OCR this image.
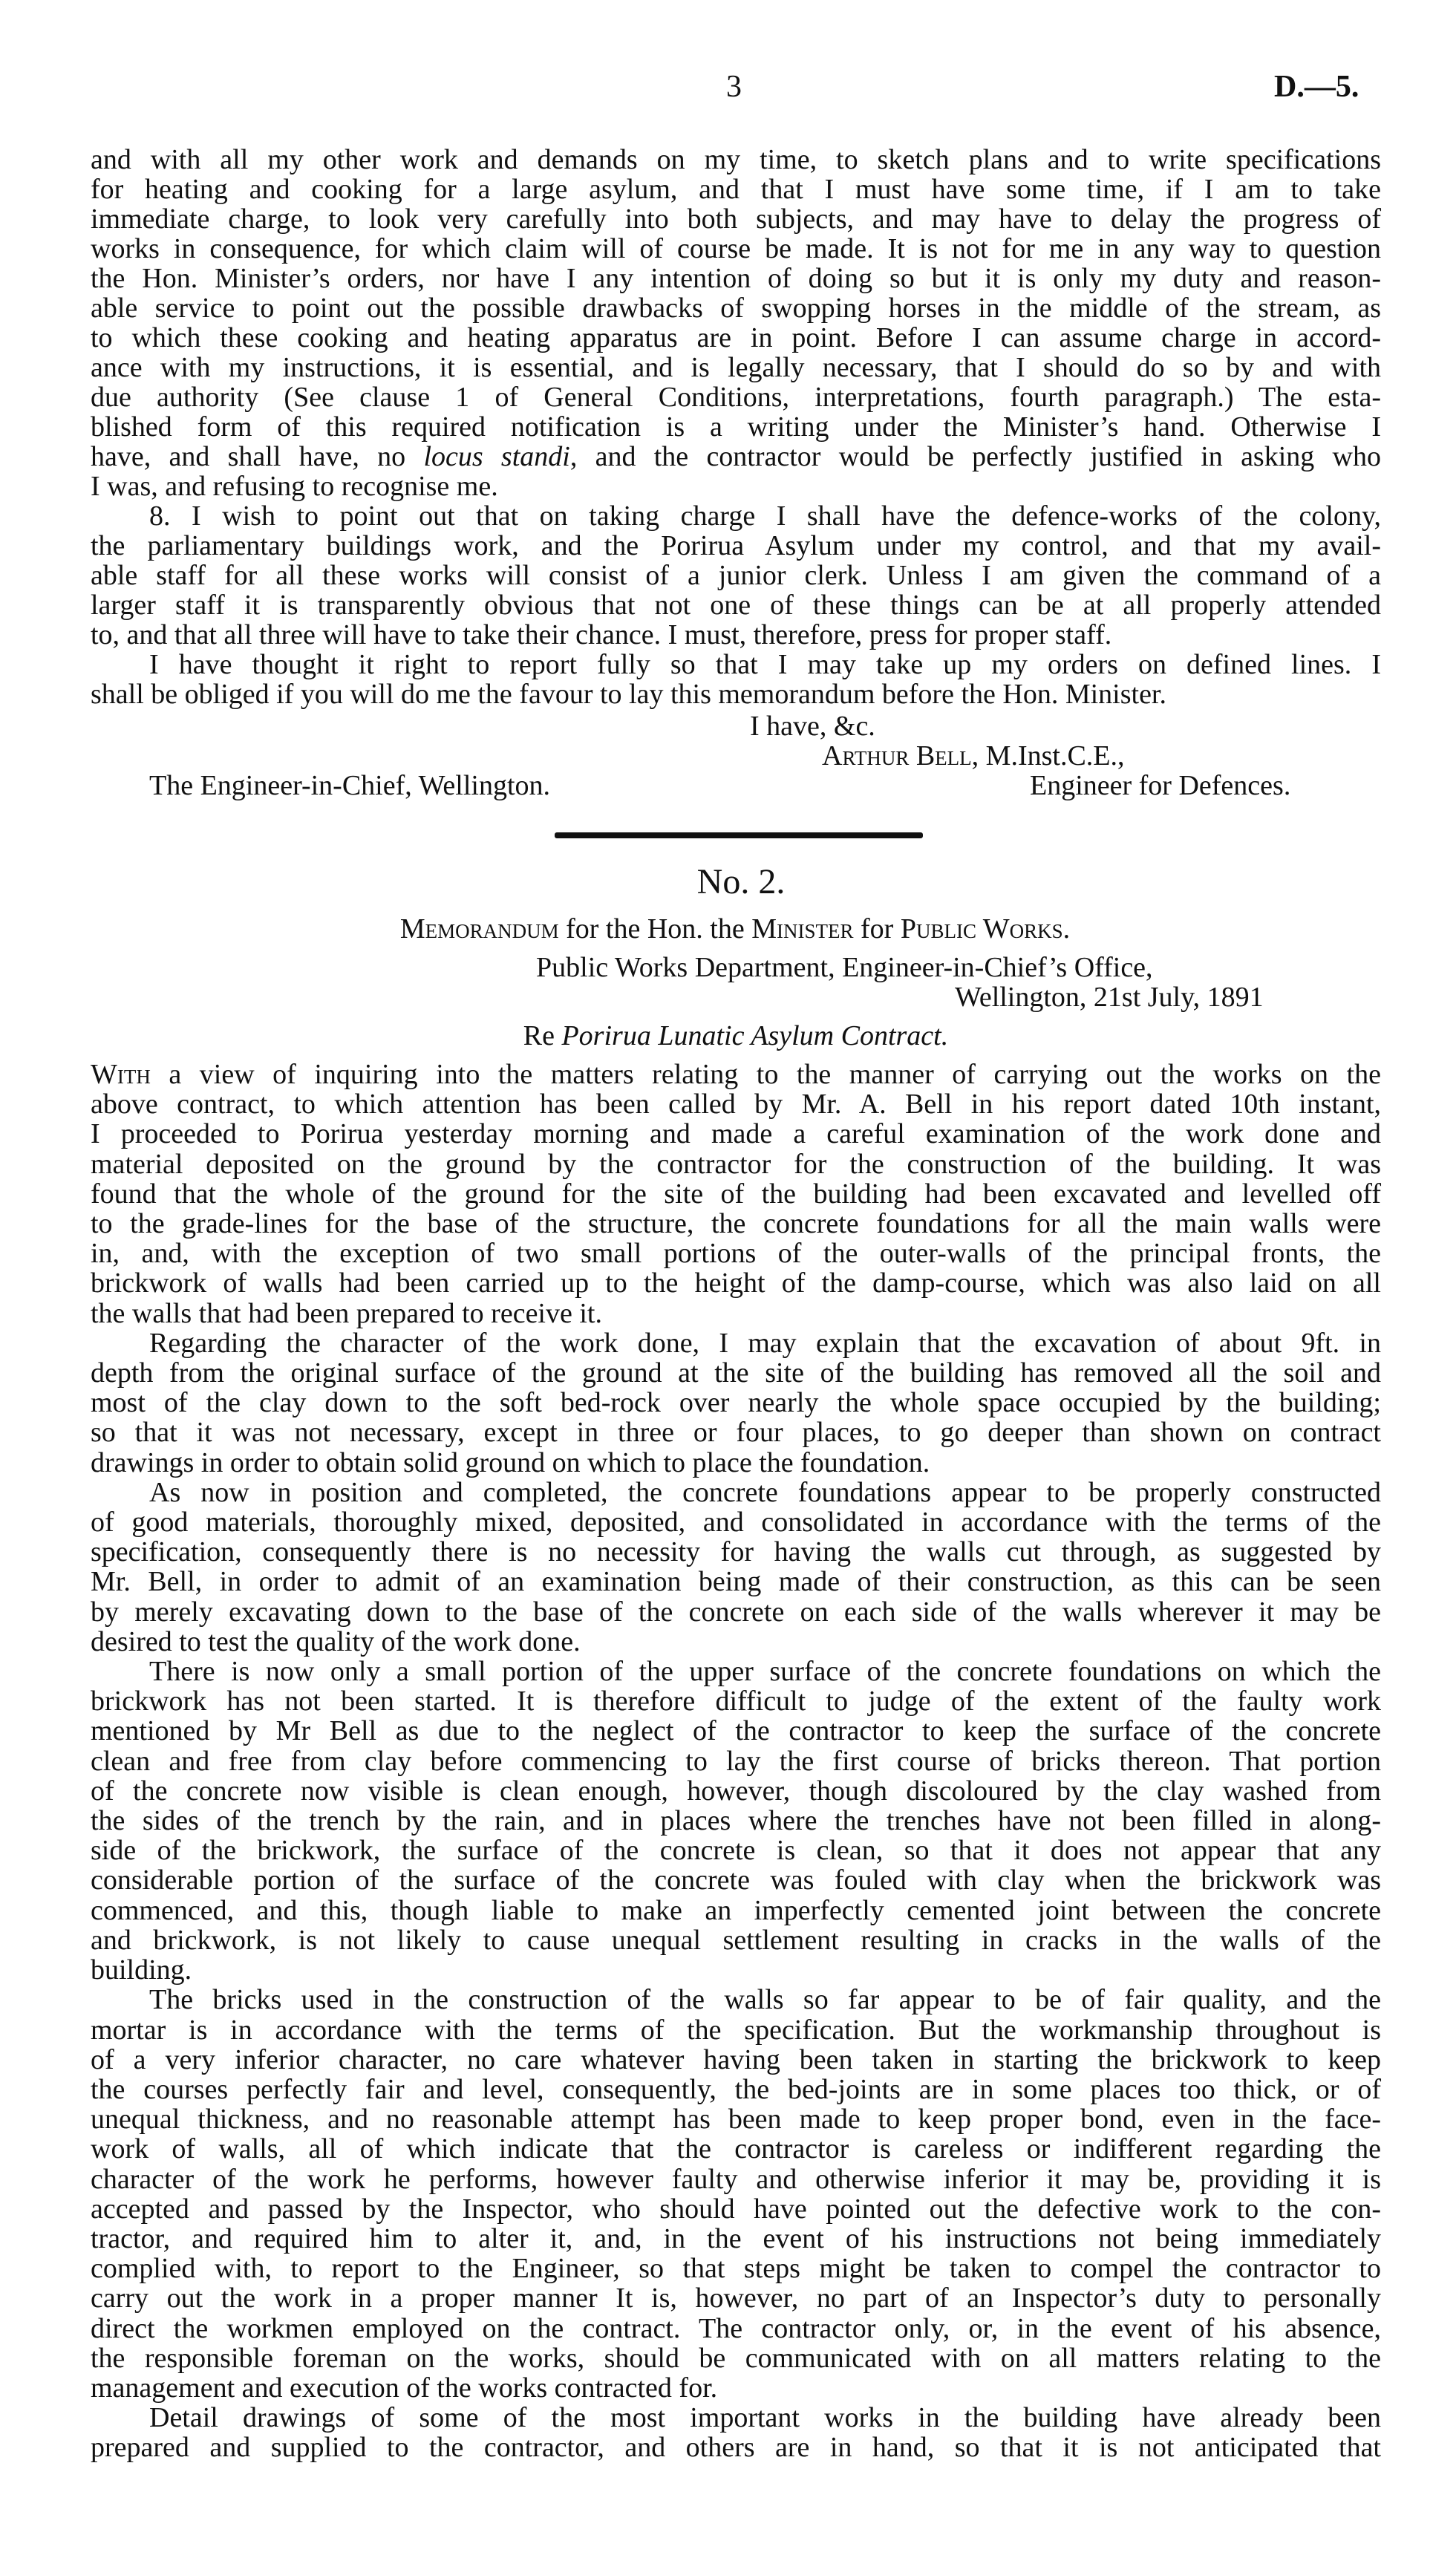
3	D.—5.
and with all my other work and demands on my time, to sketch plans and to write specifications
for heating and cooking for a large asylum, and that I must have some time, if I am to take
immediate charge, to look very carefully into both subjects, and may have to delay the progress of
works in consequence, for which claim will of course be made. It is not for me in any way to question
the Hon. Minister’s orders, nor have I any intention of doing so but it is only my duty and reason-
able service to point out the possible drawbacks of swopping horses in the middle of the stream, as
to which these cooking and heating apparatus are in point. Before I can assume charge in accord-
ance with my instructions, it is essential, and is legally necessary, that I should do so by and with
due authority (See clause 1 of General Conditions, interpretations, fourth paragraph.) The esta-
blished form of this required notification is a writing under the Minister’s hand. Otherwise I
have, and shall have, no locus standi, and the contractor would be perfectly justified in asking who
I was, and refusing to recognise me.
8. I wish to point out that on taking charge I shall have the defence-works of the colony,
the parliamentary buildings work, and the Porirua Asylum under my control, and that my avail-
able staff for all these works will consist of a junior clerk. Unless I am given the command of a
larger staff it is transparently obvious that not one of these things can be at all properly attended
to, and that all three will have to take their chance. I must, therefore, press for proper staff.
I have thought it right to report fully so that I may take up my orders on defined lines. I
shall be obliged if you will do me the favour to lay this memorandum before the Hon. Minister.
I have, &c.
Arthur Bell, M.Inst.C.E.,
The Engineer-in-Chief, Wellington.	Engineer for Defences.
No. 2.
Memorandum for the Hon. the Minister for Public Works.
Public Works Department, Engineer-in-Chief’s Office,
Wellington, 21st July, 1891
Re Porirua Lunatic Asylum Contract.
With a view of inquiring into the matters relating to the manner of carrying out the works on the
above contract, to which attention has been called by Mr. A. Bell in his report dated 10th instant,
I proceeded to Porirua yesterday morning and made a careful examination of the work done and
material deposited on the ground by the contractor for the construction of the building. It was
found that the whole of the ground for the site of the building had been excavated and levelled off
to the grade-lines for the base of the structure, the concrete foundations for all the main walls were
in, and, with the exception of two small portions of the outer-walls of the principal fronts, the
brickwork of walls had been carried up to the height of the damp-course, which was also laid on all
the walls that had been prepared to receive it.
Regarding the character of the work done, I may explain that the excavation of about 9ft. in
depth from the original surface of the ground at the site of the building has removed all the soil and
most of the clay down to the soft bed-rock over nearly the whole space occupied by the building;
so that it was not necessary, except in three or four places, to go deeper than shown on contract
drawings in order to obtain solid ground on which to place the foundation.
As now in position and completed, the concrete foundations appear to be properly constructed
of good materials, thoroughly mixed, deposited, and consolidated in accordance with the terms of the
specification, consequently there is no necessity for having the walls cut through, as suggested by
Mr. Bell, in order to admit of an examination being made of their construction, as this can be seen
by merely excavating down to the base of the concrete on each side of the walls wherever it may be
desired to test the quality of the work done.
There is now only a small portion of the upper surface of the concrete foundations on which the
brickwork has not been started. It is therefore difficult to judge of the extent of the faulty work
mentioned by Mr Bell as due to the neglect of the contractor to keep the surface of the concrete
clean and free from clay before commencing to lay the first course of bricks thereon. That portion
of the concrete now visible is clean enough, however, though discoloured by the clay washed from
the sides of the trench by the rain, and in places where the trenches have not been filled in along-
side of the brickwork, the surface of the concrete is clean, so that it does not appear that any
considerable portion of the surface of the concrete was fouled with clay when the brickwork was
commenced, and this, though liable to make an imperfectly cemented joint between the concrete
and brickwork, is not likely to cause unequal settlement resulting in cracks in the walls of the
building.
The bricks used in the construction of the walls so far appear to be of fair quality, and the
mortar is in accordance with the terms of the specification. But the workmanship throughout is
of a very inferior character, no care whatever having been taken in starting the brickwork to keep
the courses perfectly fair and level, consequently, the bed-joints are in some places too thick, or of
unequal thickness, and no reasonable attempt has been made to keep proper bond, even in the face-
work of walls, all of which indicate that the contractor is careless or indifferent regarding the
character of the work he performs, however faulty and otherwise inferior it may be, providing it is
accepted and passed by the Inspector, who should have pointed out the defective work to the con-
tractor, and required him to alter it, and, in the event of his instructions not being immediately
complied with, to report to the Engineer, so that steps might be taken to compel the contractor to
carry out the work in a proper manner It is, however, no part of an Inspector’s duty to personally
direct the workmen employed on the contract. The contractor only, or, in the event of his absence,
the responsible foreman on the works, should be communicated with on all matters relating to the
management and execution of the works contracted for.
Detail drawings of some of the most important works in the building have already been
prepared and supplied to the contractor, and others are in hand, so that it is not anticipated that
